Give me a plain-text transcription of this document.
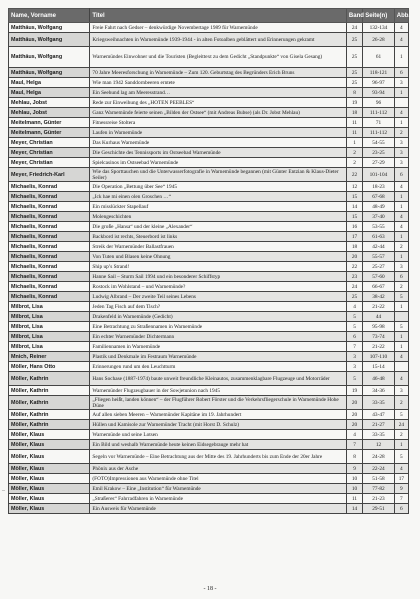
Name, Vorname	Titel	Band	Seite(n)	Abb.
Matthäus, Wolfgang	Freie Fahrt nach Gedser – denkwürdige Novembertage 1989 für Warnemünde	24	132-134	4
Matthäus, Wolfgang	Kriegsweihnachten in Warnemünde 1939-1944 - in alten Fotoalben geblättert und Erinnerungen gekramt	25	26-28	4
Matthäus, Wolfgang	Warnemündes Einwohner und die Touristen (Begleittext zu dem Gedicht „Standpunkte“ von Gisela Gesang)	25	61	1
Matthäus, Wolfgang	70 Jahre Meeresforschung in Warnemünde – Zum 120. Geburtstag des Begründers Erich Bruns	25	118-121	6
Maul, Helga	Wie man 1942 Sanddornbeeren erntete	25	96-97	3
Maul, Helga	Ein Seehund lag am Meeresstrand…	8	93-94	1
Mehlau, Jobst	Rede zur Einweihung des „HOTEN PEEBLES“	19	96	
Mehlau, Jobst	Ganz Warnemünde feierte seinen „Bilden der Ostsee“ (mit Andreas Bubse) (als Dr. Jobst Mehlau)	18	111-112	4
Meitelmann, Günter	Fitnessreise Stoltera	11	71	1
Meitelmann, Günter	Laufen in Warnemünde	11	111-112	2
Meyer, Christian	Das Kurhaus Warnemünde	1	54-55	3
Meyer, Christian	Die Geschichte des Tennissports im Ostseebad Warnemünde	2	23-25	3
Meyer, Christian	Spielcasinos im Ostseebad Warnemünde	2	27-29	3
Meyer, Friedrich-Karl	Wie das Sporttauchen und die Unterwasserfotografie in Warnemünde begannen (mit Günter Entzian & Klaus-Dieter Seiler)	22	101-104	6
Michaelis, Konrad	Die Operation „Bettung über See“ 1945	12	18-23	4
Michaelis, Konrad	„Ick hae mi einen olen Groschen …“	15	67-68	1
Michaelis, Konrad	Ein misslückter Stapellauf	14	48-49	1
Michaelis, Konrad	Molengeschichten	15	37-40	4
Michaelis, Konrad	Die große „Hansa“ und der kleine „Alexander“	16	53-55	4
Michaelis, Konrad	Backbord ist rechts, Steuerbord ist links	17	61-63	1
Michaelis, Konrad	Streik der Warnemünder Ballastfrauen	18	42-44	2
Michaelis, Konrad	Von Tuten und Blasen keine Ohnung	20	55-57	1
Michaelis, Konrad	Ship up’s Strand!	22	25-27	3
Michaelis, Konrad	Hanne Sail – Sturm Sail 1994 und ein besonderer Schiffstyp	23	57-60	6
Michaelis, Konrad	Rostock im Wohlstand – und Warnemünde?	24	66-67	2
Michaelis, Konrad	Ludwig Albrand – Der zweite Teil seines Lebens	25	38-42	5
Milbrot, Lisa	Jeden Tag Fisch auf dem Tisch?	4	21-22	1
Milbrot, Lisa	Drakenfeld in Warnemünde (Gedicht)	5	44	
Milbrot, Lisa	Eine Betrachtung zu Straßennamen in Warnemünde	5	95-98	5
Milbrot, Lisa	Ein echter Warnemünder Dichtermann	6	73-74	1
Milbrot, Lisa	Familiennamen in Warnemünde	7	21-22	1
Mnich, Reiner	Plastik und Denkmale im Festraum Warnemünde	3	107-110	4
Möller, Hans Otto	Erinnerungen rund um den Leuchtturm	3	15-14	
Möller, Kathrin	Hans Sochase (1887-1974) baute unweit freundliche Kleinautos, zusammenklagbare Flugzeuge und Motorräder	5	46-48	4
Möller, Kathrin	Warnemünder Flugzeugbauer in der Sowjetunion nach 1945	19	34-36	3
Möller, Kathrin	„Fliegen heißt, landen können“ – der Flugführer Robert Förster und die Verkehrsfliegerschule in Warnemünde Hohe Düne	20	33-35	2
Möller, Kathrin	Auf allen sieben Meeren – Warnemünder Kapitäne im 19. Jahrhundert	20	43-47	5
Möller, Kathrin	Hüllen und Kamisole zur Warnemünder Tracht (mit Horst D. Schulz)	20	21-27	24
Möller, Klaus	Warnemünde und seine Lotsen	4	33-35	2
Möller, Klaus	Ein Bild und weshalb Warnemünde heute keinen Eidsegebrauge mehr hat	7	12	1
Möller, Klaus	Segeln vor Warnemünde – Eine Betrachtung aus der Mitte des 19. Jahrhunderts bis zum Ende der 20er Jahre	8	24-28	5
Möller, Klaus	Phönix aus der Asche	9	22-24	4
Möller, Klaus	(FOTO)Impressionen aus Warnemünde ohne Titel	10	51-58	17
Möller, Klaus	Emil Krakow – Eine „Institution“ für Warnemünde	10	77-82	9
Möller, Klaus	„Straßeres“ Fahrradfahren in Warnemünde	11	21-23	7
Möller, Klaus	Ein Ausweis für Warnemünde	14	29-51	6
–
- 18 -
